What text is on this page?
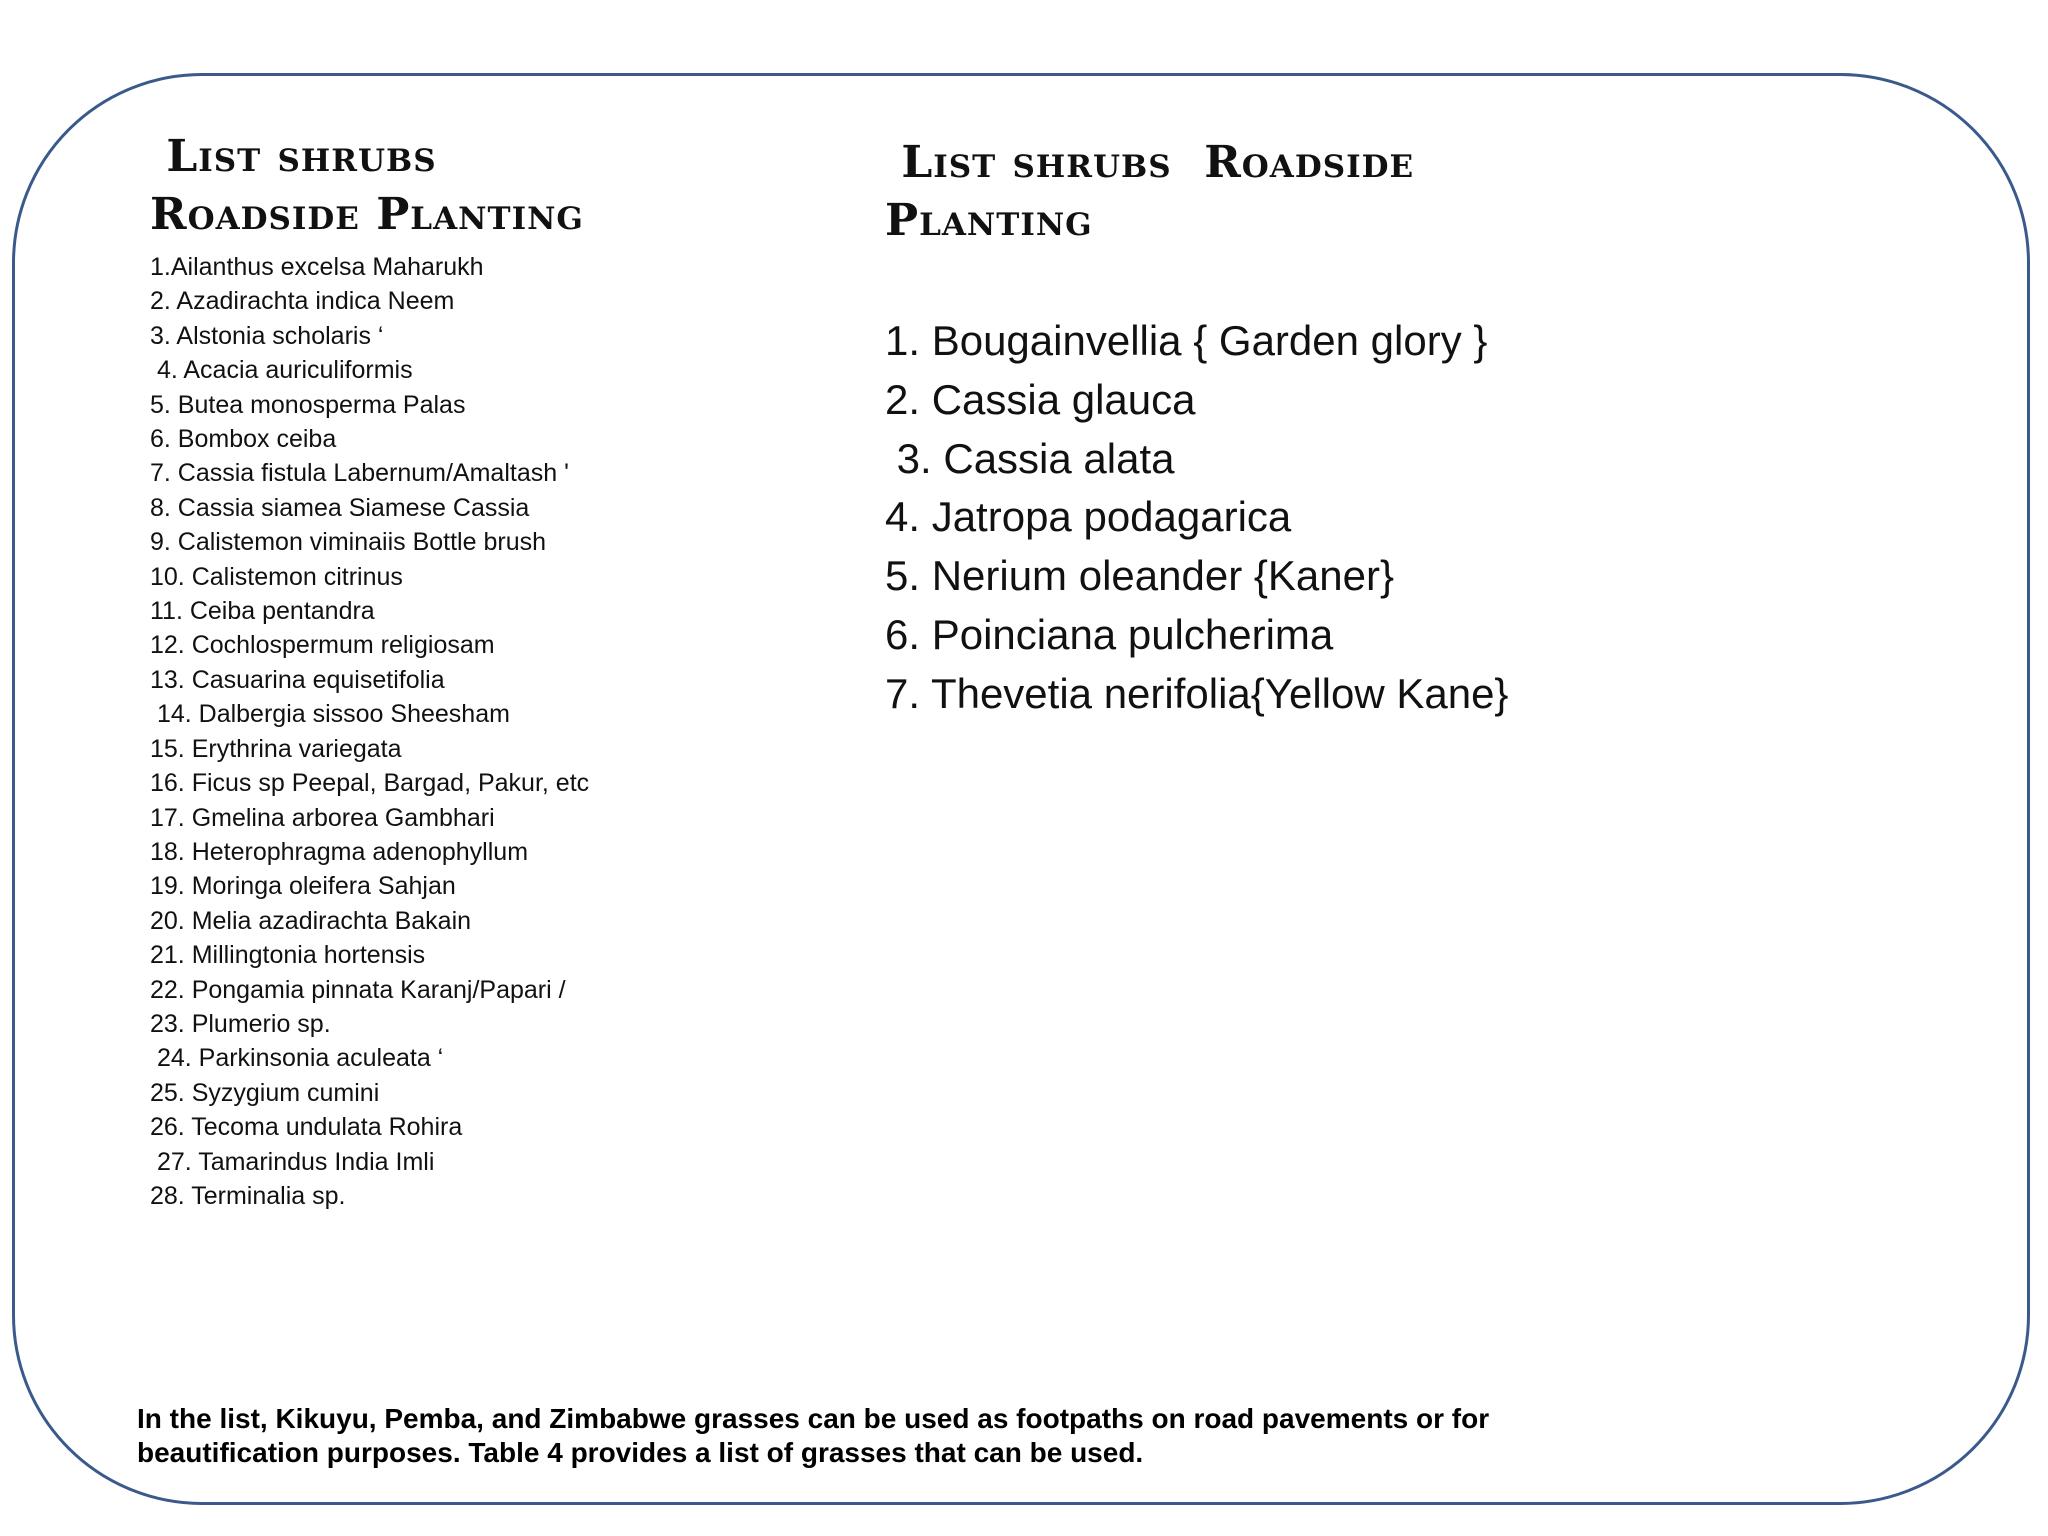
List shrubs
Roadside Planting
1.Ailanthus excelsa Maharukh
2. Azadirachta indica Neem
3. Alstonia scholaris ‘
4. Acacia auriculiformis
5. Butea monosperma Palas
6. Bombox ceiba
7. Cassia fistula Labernum/Amaltash '
8. Cassia siamea Siamese Cassia
9. Calistemon viminaiis Bottle brush
10. Calistemon citrinus
11. Ceiba pentandra
12. Cochlospermum religiosam
13. Casuarina equisetifolia
14. Dalbergia sissoo Sheesham
15. Erythrina variegata
16. Ficus sp Peepal, Bargad, Pakur, etc
17. Gmelina arborea Gambhari
18. Heterophragma adenophyllum
19. Moringa oleifera Sahjan
20. Melia azadirachta Bakain
21. Millingtonia hortensis
22. Pongamia pinnata Karanj/Papari /
23. Plumerio sp.
24. Parkinsonia aculeata ‘
25. Syzygium cumini
26. Tecoma undulata Rohira
27. Tamarindus India Imli
28. Terminalia sp.
List shrubs  Roadside
Planting
1. Bougainvellia { Garden glory }
2. Cassia glauca
3. Cassia alata
4. Jatropa podagarica
5. Nerium oleander {Kaner}
6. Poinciana pulcherima
7. Thevetia nerifolia{Yellow Kane}

In the list, Kikuyu, Pemba, and Zimbabwe grasses can be used as footpaths on road pavements or for
beautification purposes. Table 4 provides a list of grasses that can be used.
